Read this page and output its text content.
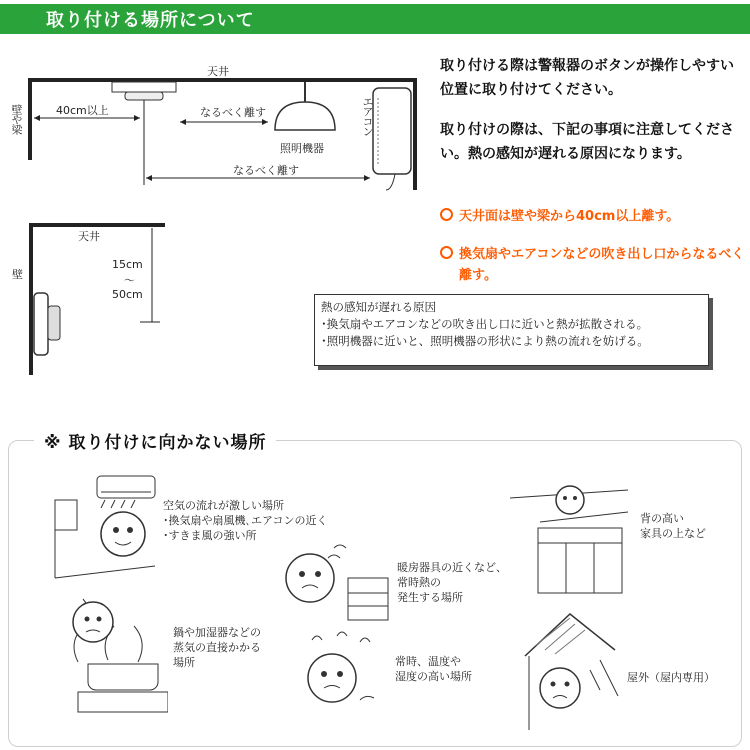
取り付ける場所について
天井
壁や梁	40cm以上	なるべく離す
照明機器
エアコン
なるべく離す
天井
壁
15cm
〜
50cm
取り付ける際は警報器のボタンが操作しやすい位置に取り付けてください。
取り付けの際は、下記の事項に注意してください。熱の感知が遅れる原因になります。
天井面は壁や梁から40cm以上離す。
換気扇やエアコンなどの吹き出し口からなるべく離す。
熱の感知が遅れる原因
･換気扇やエアコンなどの吹き出し口に近いと熱が拡散される。
･照明機器に近いと、照明機器の形状により熱の流れを妨げる。
※ 取り付けに向かない場所
空気の流れが激しい場所
･換気扇や扇風機､エアコンの近く
･すきま風の強い所
暖房器具の近くなど、
常時熱の
発生する場所
背の高い
家具の上など
鍋や加湿器などの
蒸気の直接かかる
場所	常時、温度や
湿度の高い場所	屋外（屋内専用）
